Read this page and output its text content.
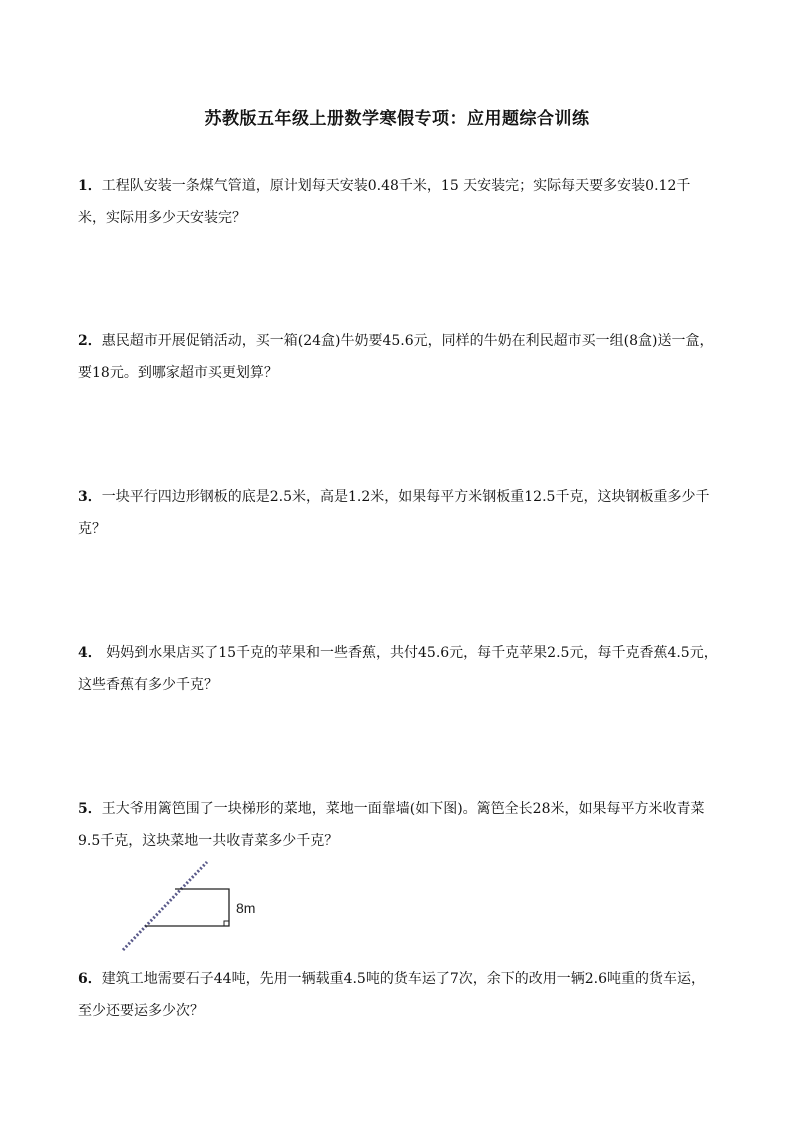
苏教版五年级上册数学寒假专项：应用题综合训练
1．工程队安装一条煤气管道，原计划每天安装0.48千米，15 天安装完；实际每天要多安装0.12千米，实际用多少天安装完？
2．惠民超市开展促销活动，买一箱(24盒)牛奶要45.6元，同样的牛奶在利民超市买一组(8盒)送一盒，要18元。到哪家超市买更划算？
3．一块平行四边形钢板的底是2.5米，高是1.2米，如果每平方米钢板重12.5千克，这块钢板重多少千克？
4． 妈妈到水果店买了15千克的苹果和一些香蕉，共付45.6元，每千克苹果2.5元，每千克香蕉4.5元，这些香蕉有多少千克？
5．王大爷用篱笆围了一块梯形的菜地，菜地一面靠墙(如下图)。篱笆全长28米，如果每平方米收青菜9.5千克，这块菜地一共收青菜多少千克？
8m
6．建筑工地需要石子44吨，先用一辆载重4.5吨的货车运了7次，余下的改用一辆2.6吨重的货车运，至少还要运多少次？
